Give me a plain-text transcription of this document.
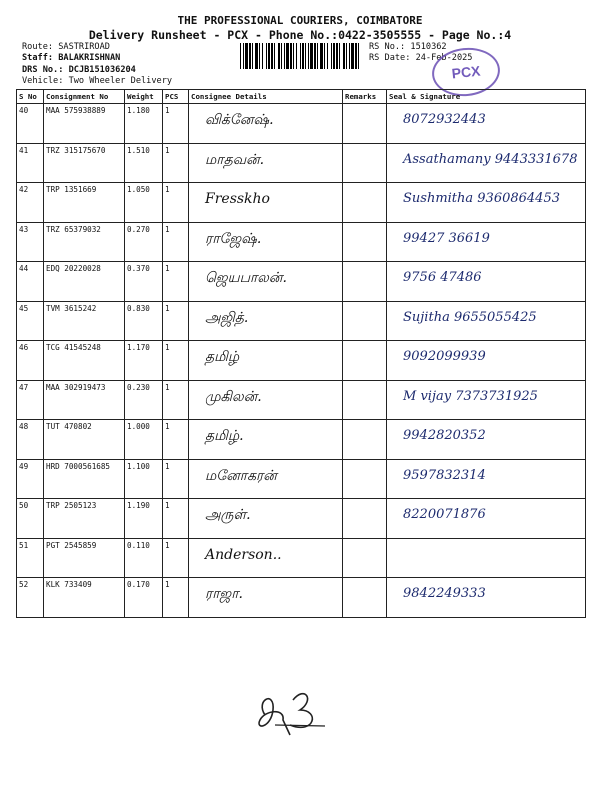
THE PROFESSIONAL COURIERS, COIMBATORE
Delivery Runsheet - PCX - Phone No.:0422-3505555 - Page No.:4
Route: SASTRIROAD
Staff: BALAKRISHNAN
DRS No.: DCJB151036204
Vehicle: Two Wheeler Delivery
RS No.: 1510362
RS Date: 24-Feb-2025
PCX
S No	Consignment No	Weight	PCS	Consignee Details	Remarks	Seal & Signature
40	MAA 575938889	1.180	1	விக்னேஷ்.		8072932443

41	TRZ 315175670	1.510	1	மாதவன்.		Assathamany 9443331678

42	TRP 1351669	1.050	1	Fresskho		Sushmitha 9360864453

43	TRZ 65379032	0.270	1	ராஜேஷ்.		99427 36619

44	EDQ 20220028	0.370	1	ஜெயபாலன்.		9756 47486

45	TVM 3615242	0.830	1	அஜித்.		Sujitha 9655055425

46	TCG 41545248	1.170	1	தமிழ்		9092099939

47	MAA 302919473	0.230	1	முகிலன்.		M vijay 7373731925

48	TUT 470802	1.000	1	தமிழ்.		9942820352

49	HRD 7000561685	1.100	1	மனோகரன்		9597832314

50	TRP 2505123	1.190	1	அருள்.		8220071876

51	PGT 2545859	0.110	1	Anderson..		

52	KLK 733409	0.170	1	ராஜா.		9842249333
